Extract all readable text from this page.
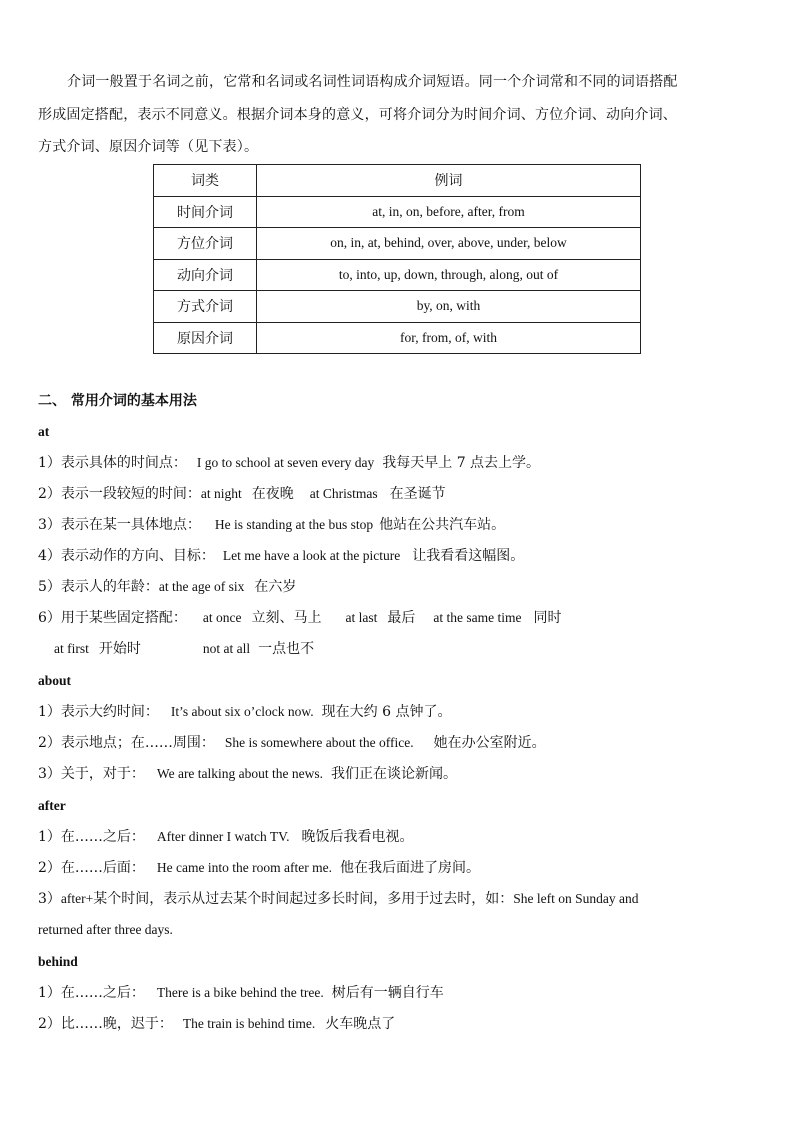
介词一般置于名词之前，它常和名词或名词性词语构成介词短语。同一个介词常和不同的词语搭配
形成固定搭配，表示不同意义。根据介词本身的意义，可将介词分为时间介词、方位介词、动向介词、
方式介词、原因介词等（见下表）。
词类	例词
时间介词	at, in, on, before, after, from
方位介词	on, in, at, behind, over, above, under, below
动向介词	to, into, up, down, through, along, out of
方式介词	by, on, with
原因介词	for, from, of, with
二、 常用介词的基本用法
at
1）表示具体的时间点： I go to school at seven every day 我每天早上 7 点去上学。
2）表示一段较短的时间：at night 在夜晚 at Christmas 在圣诞节
3）表示在某一具体地点： He is standing at the bus stop 他站在公共汽车站。
4）表示动作的方向、目标： Let me have a look at the picture 让我看看这幅图。
5）表示人的年龄：at the age of six 在六岁
6）用于某些固定搭配： at once 立刻、马上 at last 最后 at the same time 同时
at first 开始时	not at all 一点也不
about
1）表示大约时间： It’s about six o’clock now. 现在大约 6 点钟了。
2）表示地点；在……周围： She is somewhere about the office. 她在办公室附近。
3）关于，对于： We are talking about the news. 我们正在谈论新闻。
after
1）在……之后： After dinner I watch TV. 晚饭后我看电视。
2）在……后面： He came into the room after me. 他在我后面进了房间。
3）after+某个时间，表示从过去某个时间起过多长时间，多用于过去时，如：She left on Sunday and
returned after three days.
behind
1）在……之后： There is a bike behind the tree. 树后有一辆自行车
2）比……晚，迟于： The train is behind time. 火车晚点了
